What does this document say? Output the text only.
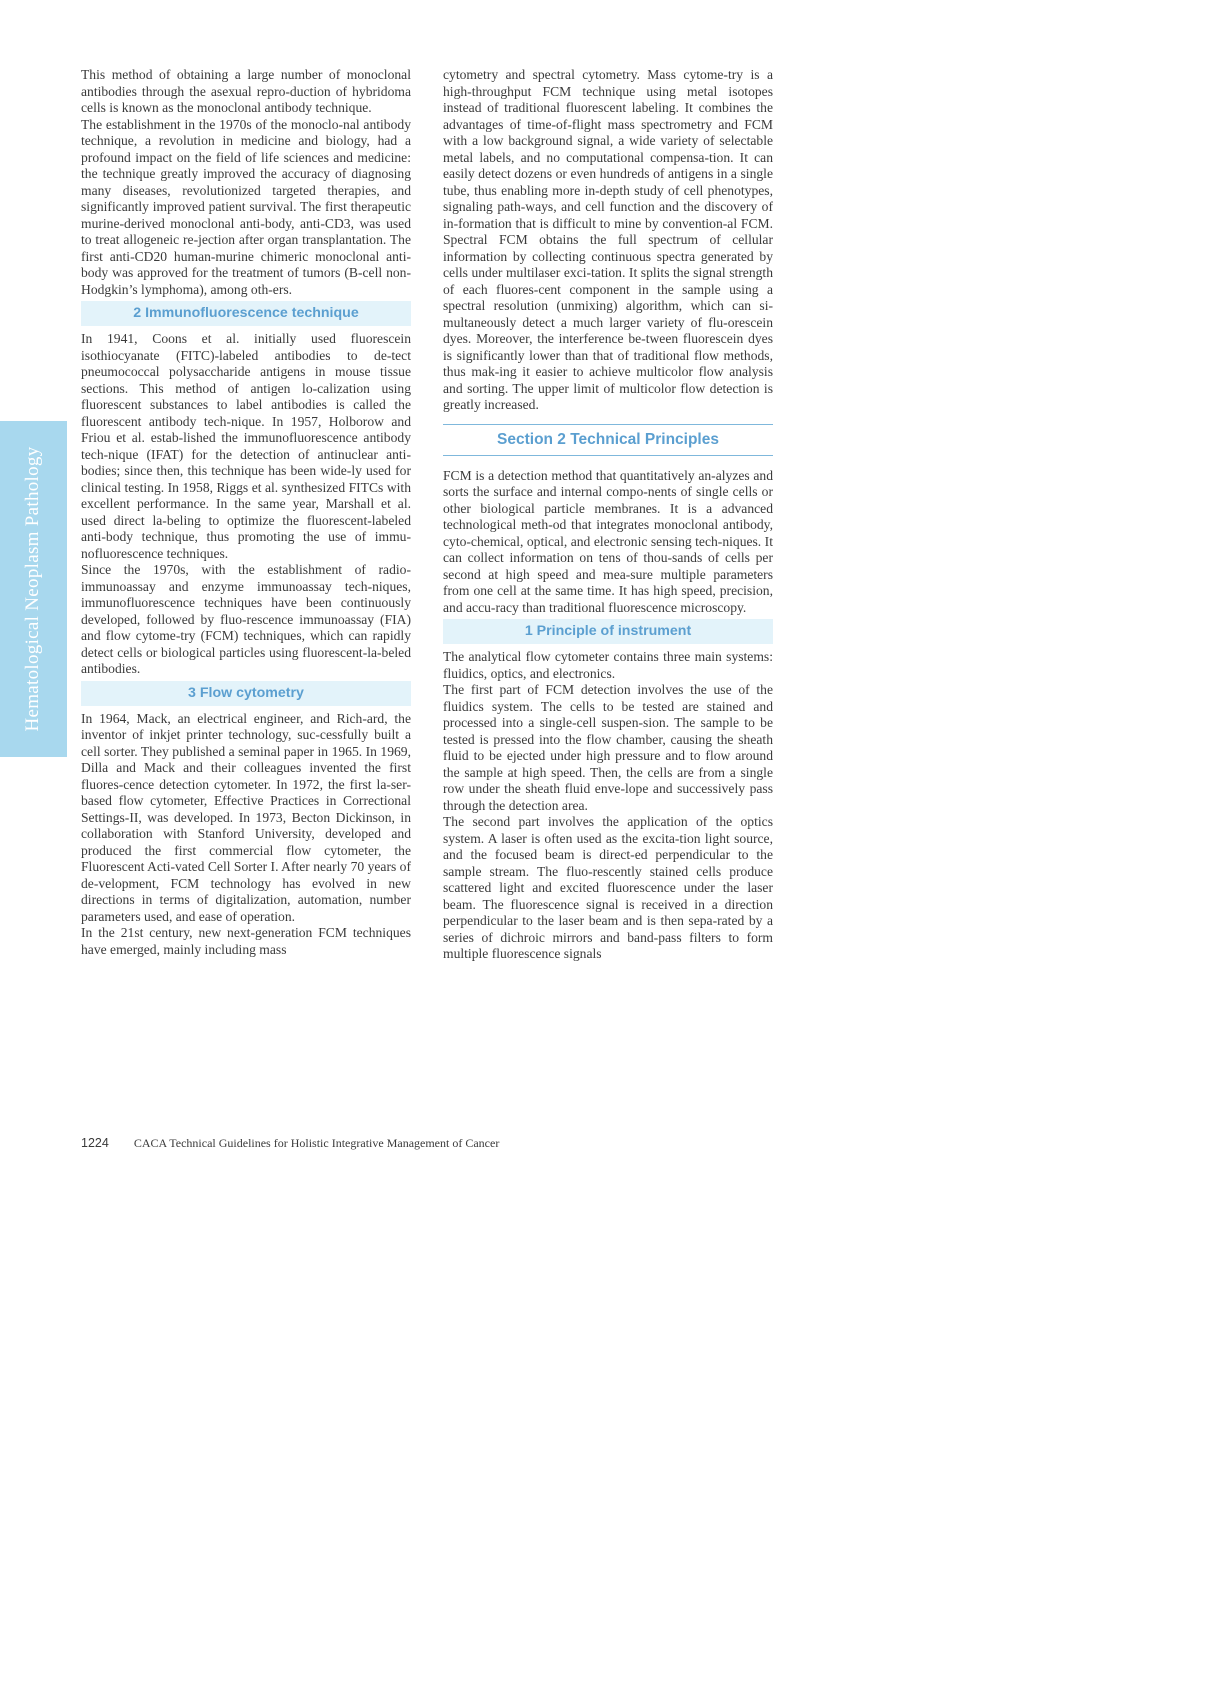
Hematological Neoplasm Pathology

This method of obtaining a large number of monoclonal antibodies through the asexual repro-duction of hybridoma cells is known as the monoclonal antibody technique.

The establishment in the 1970s of the monoclo-nal antibody technique, a revolution in medicine and biology, had a profound impact on the field of life sciences and medicine: the technique greatly improved the accuracy of diagnosing many diseases, revolutionized targeted therapies, and significantly improved patient survival. The first therapeutic murine-derived monoclonal anti-body, anti-CD3, was used to treat allogeneic re-jection after organ transplantation. The first anti-CD20 human-murine chimeric monoclonal anti-body was approved for the treatment of tumors (B-cell non-Hodgkin’s lymphoma), among oth-ers.

2 Immunofluorescence technique

In 1941, Coons et al. initially used fluorescein isothiocyanate (FITC)-labeled antibodies to de-tect pneumococcal polysaccharide antigens in mouse tissue sections. This method of antigen lo-calization using fluorescent substances to label antibodies is called the fluorescent antibody tech-nique. In 1957, Holborow and Friou et al. estab-lished the immunofluorescence antibody tech-nique (IFAT) for the detection of antinuclear anti-bodies; since then, this technique has been wide-ly used for clinical testing. In 1958, Riggs et al. synthesized FITCs with excellent performance. In the same year, Marshall et al. used direct la-beling to optimize the fluorescent-labeled anti-body technique, thus promoting the use of immu-nofluorescence techniques.

Since the 1970s, with the establishment of radio-immunoassay and enzyme immunoassay tech-niques, immunofluorescence techniques have been continuously developed, followed by fluo-rescence immunoassay (FIA) and flow cytome-try (FCM) techniques, which can rapidly detect cells or biological particles using fluorescent-la-beled antibodies.

3 Flow cytometry

In 1964, Mack, an electrical engineer, and Rich-ard, the inventor of inkjet printer technology, suc-cessfully built a cell sorter. They published a seminal paper in 1965. In 1969, Dilla and Mack and their colleagues invented the first fluores-cence detection cytometer. In 1972, the first la-ser-based flow cytometer, Effective Practices in Correctional Settings-II, was developed. In 1973, Becton Dickinson, in collaboration with Stanford University, developed and produced the first commercial flow cytometer, the Fluorescent Acti-vated Cell Sorter I. After nearly 70 years of de-velopment, FCM technology has evolved in new directions in terms of digitalization, automation, number parameters used, and ease of operation.

In the 21st century, new next-generation FCM techniques have emerged, mainly including mass

cytometry and spectral cytometry. Mass cytome-try is a high-throughput FCM technique using metal isotopes instead of traditional fluorescent labeling. It combines the advantages of time-of-flight mass spectrometry and FCM with a low background signal, a wide variety of selectable metal labels, and no computational compensa-tion. It can easily detect dozens or even hundreds of antigens in a single tube, thus enabling more in-depth study of cell phenotypes, signaling path-ways, and cell function and the discovery of in-formation that is difficult to mine by convention-al FCM. Spectral FCM obtains the full spectrum of cellular information by collecting continuous spectra generated by cells under multilaser exci-tation. It splits the signal strength of each fluores-cent component in the sample using a spectral resolution (unmixing) algorithm, which can si-multaneously detect a much larger variety of flu-orescein dyes. Moreover, the interference be-tween fluorescein dyes is significantly lower than that of traditional flow methods, thus mak-ing it easier to achieve multicolor flow analysis and sorting. The upper limit of multicolor flow detection is greatly increased.

Section 2 Technical Principles

FCM is a detection method that quantitatively an-alyzes and sorts the surface and internal compo-nents of single cells or other biological particle membranes. It is a advanced technological meth-od that integrates monoclonal antibody, cyto-chemical, optical, and electronic sensing tech-niques. It can collect information on tens of thou-sands of cells per second at high speed and mea-sure multiple parameters from one cell at the same time. It has high speed, precision, and accu-racy than traditional fluorescence microscopy.

1 Principle of instrument

The analytical flow cytometer contains three main systems: fluidics, optics, and electronics.

The first part of FCM detection involves the use of the fluidics system. The cells to be tested are stained and processed into a single-cell suspen-sion. The sample to be tested is pressed into the flow chamber, causing the sheath fluid to be ejected under high pressure and to flow around the sample at high speed. Then, the cells are from a single row under the sheath fluid enve-lope and successively pass through the detection area.

The second part involves the application of the optics system. A laser is often used as the excita-tion light source, and the focused beam is direct-ed perpendicular to the sample stream. The fluo-rescently stained cells produce scattered light and excited fluorescence under the laser beam. The fluorescence signal is received in a direction perpendicular to the laser beam and is then sepa-rated by a series of dichroic mirrors and band-pass filters to form multiple fluorescence signals

1224 CACA Technical Guidelines for Holistic Integrative Management of Cancer
